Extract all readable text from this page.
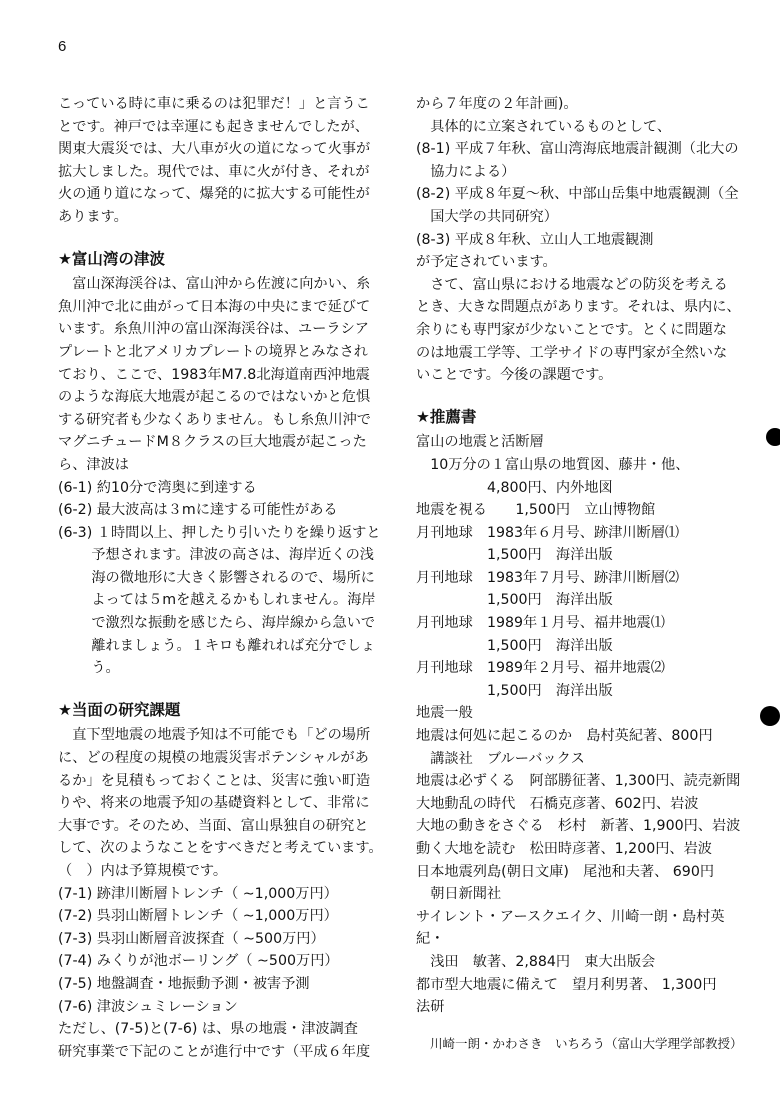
6

こっている時に車に乗るのは犯罪だ！」と言うこ

とです。神戸では幸運にも起きませんでしたが、

関東大震災では、大八車が火の道になって火事が

拡大しました。現代では、車に火が付き、それが

火の通り道になって、爆発的に拡大する可能性が

あります。

★富山湾の津波

　富山深海渓谷は、富山沖から佐渡に向かい、糸

魚川沖で北に曲がって日本海の中央にまで延びて

います。糸魚川沖の富山深海渓谷は、ユーラシア

プレートと北アメリカプレートの境界とみなされ

ており、ここで、1983年M7.8北海道南西沖地震

のような海底大地震が起こるのではないかと危惧

する研究者も少なくありません。もし糸魚川沖で

マグニチュードM８クラスの巨大地震が起こった

ら、津波は

(6-1) 約10分で湾奥に到達する

(6-2) 最大波高は３mに達する可能性がある

(6-3) １時間以上、押したり引いたりを繰り返すと予想されます。津波の高さは、海岸近くの浅海の微地形に大きく影響されるので、場所によっては５mを越えるかもしれません。海岸で激烈な振動を感じたら、海岸線から急いで離れましょう。１キロも離れれば充分でしょう。

★当面の研究課題

　直下型地震の地震予知は不可能でも「どの場所

に、どの程度の規模の地震災害ポテンシャルがあ

るか」を見積もっておくことは、災害に強い町造

りや、将来の地震予知の基礎資料として、非常に

大事です。そのため、当面、富山県独自の研究と

して、次のようなことをすべきだと考えています。

（　）内は予算規模です。

(7-1) 跡津川断層トレンチ（ ∼1,000万円）

(7-2) 呉羽山断層トレンチ（ ∼1,000万円）

(7-3) 呉羽山断層音波探査（ ∼500万円）

(7-4) みくりが池ボーリング（ ∼500万円）

(7-5) 地盤調査・地振動予測・被害予測

(7-6) 津波シュミレーション

ただし、(7-5)と(7-6) は、県の地震・津波調査

研究事業で下記のことが進行中です（平成６年度

から７年度の２年計画)。

　具体的に立案されているものとして、

(8-1) 平成７年秋、富山湾海底地震計観測（北大の協力による）

(8-2) 平成８年夏～秋、中部山岳集中地震観測（全国大学の共同研究）

(8-3) 平成８年秋、立山人工地震観測

が予定されています。

　さて、富山県における地震などの防災を考える

とき、大きな問題点があります。それは、県内に、

余りにも専門家が少ないことです。とくに問題な

のは地震工学等、工学サイドの専門家が全然いな

いことです。今後の課題です。

★推薦書

富山の地震と活断層

　10万分の１富山県の地質図、藤井・他、

　　　　　4,800円、内外地図

地震を視る　　1,500円　立山博物館

月刊地球　1983年６月号、跡津川断層⑴

　　　　　1,500円　海洋出版

月刊地球　1983年７月号、跡津川断層⑵

　　　　　1,500円　海洋出版

月刊地球　1989年１月号、福井地震⑴

　　　　　1,500円　海洋出版

月刊地球　1989年２月号、福井地震⑵

　　　　　1,500円　海洋出版

地震一般

地震は何処に起こるのか　島村英紀著、800円

　講談社　ブルーバックス

地震は必ずくる　阿部勝征著、1,300円、読売新聞

大地動乱の時代　石橋克彦著、602円、岩波

大地の動きをさぐる　杉村　新著、1,900円、岩波

動く大地を読む　松田時彦著、1,200円、岩波

日本地震列島(朝日文庫)　尾池和夫著、 690円

　朝日新聞社

サイレント・アースクエイク、川崎一朗・島村英紀・

　浅田　敏著、2,884円　東大出版会

都市型大地震に備えて　望月利男著、 1,300円　法研

川崎一朗・かわさき　いちろう（富山大学理学部教授）
